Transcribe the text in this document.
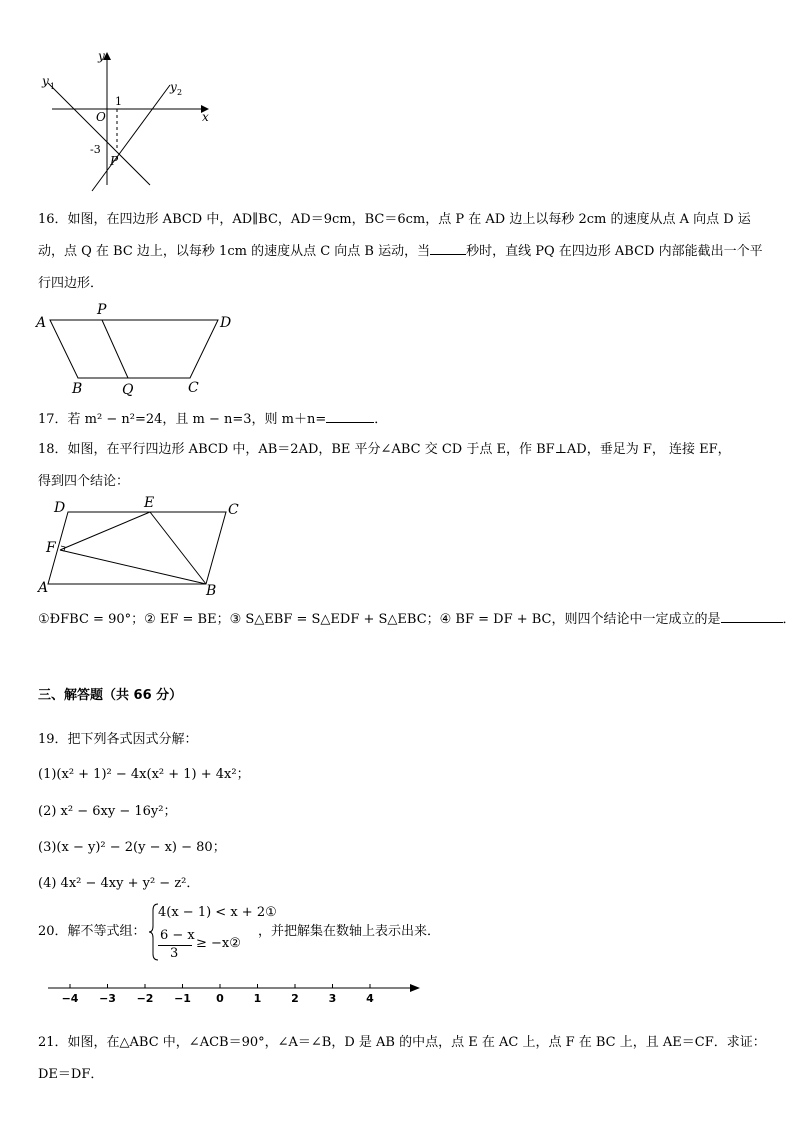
y
x
y 1	y 2
O
1
-3
P
16．如图，在四边形 ABCD 中，AD∥BC，AD＝9cm，BC＝6cm，点 P 在 AD 边上以每秒 2cm 的速度从点 A 向点 D 运
动，点 Q 在 BC 边上，以每秒 1cm 的速度从点 C 向点 B 运动，当	秒时，直线 PQ 在四边形 ABCD 内部能截出一个平
行四边形．
A
P
D
B	Q	C
17．若 m² − n²=24，且 m − n=3，则 m＋n=	．
18．如图，在平行四边形 ABCD 中，AB＝2AD，BE 平分∠ABC 交 CD 于点 E，作 BF⊥AD，垂足为 F， 连接 EF，
得到四个结论：
D	E	C
F
A	B
①ÐFBC = 90°；② EF = BE；③ S△EBF = S△EDF + S△EBC；④ BF = DF + BC，则四个结论中一定成立的是	．
三、解答题（共 66 分）
19．把下列各式因式分解：
(1)(x² + 1)² − 4x(x² + 1) + 4x²；
(2) x² − 6xy − 16y²；
(3)(x − y)² − 2(y − x) − 80；
(4) 4x² − 4xy + y² − z²．
20．解不等式组：
4(x − 1) < x + 2①
6 − x
3
≥ −x②
，并把解集在数轴上表示出来．
−4 −3 −2 −1 0	1	2	3	4
21．如图，在△ABC 中，∠ACB＝90°，∠A＝∠B，D 是 AB 的中点，点 E 在 AC 上，点 F 在 BC 上，且 AE＝CF．求证：
DE＝DF．
